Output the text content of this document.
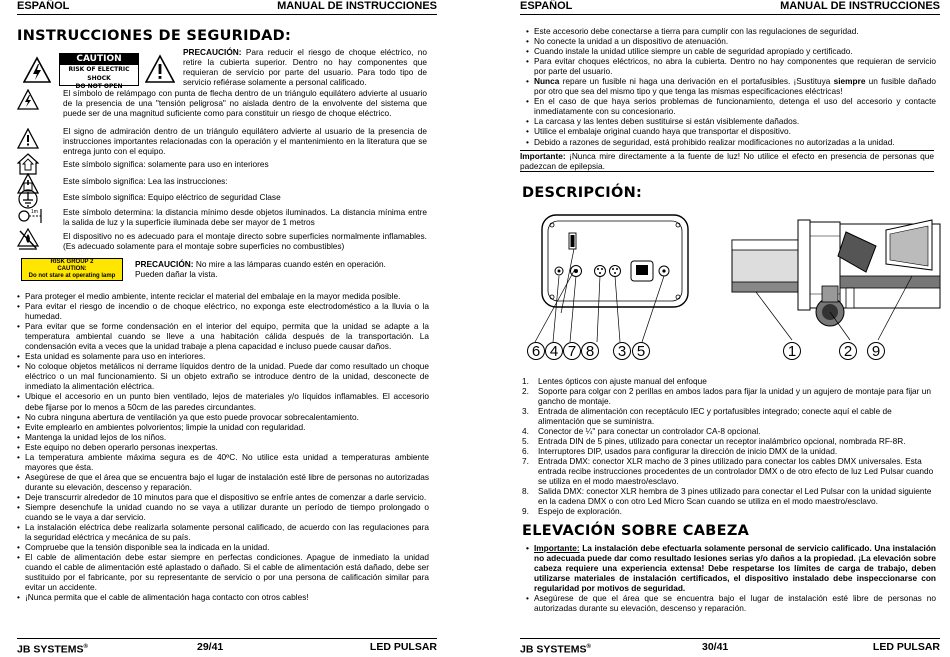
ESPAÑOL	MANUAL DE INSTRUCCIONES
INSTRUCCIONES DE SEGURIDAD:
CAUTION
RISK OF ELECTRIC SHOCK
DO NOT OPEN
PRECAUCIÓN: Para reducir el riesgo de choque eléctrico, no retire la cubierta superior. Dentro no hay componentes que requieran de servicio por parte del usuario. Para todo tipo de servicio refiérase solamente a personal calificado.
El símbolo de relámpago con punta de flecha dentro de un triángulo equilátero advierte al usuario de la presencia de una "tensión peligrosa" no aislada dentro de la envolvente del sistema que puede ser de una magnitud suficiente como para constituir un riesgo de choque eléctrico.
El signo de admiración dentro de un triángulo equilátero advierte al usuario de la presencia de instrucciones importantes relacionadas con la operación y el mantenimiento en la literatura que se entrega junto con el equipo.
Este símbolo significa: solamente para uso en interiores
Este símbolo significa: Lea las instrucciones:
Este símbolo significa: Equipo eléctrico de seguridad Clase
1m	Este símbolo determina: la distancia mínimo desde objetos iluminados. La distancia mínima entre la salida de luz y la superficie iluminada debe ser mayor de 1 metros
El dispositivo no es adecuado para el montaje directo sobre superficies normalmente inflamables. (Es adecuado solamente para el montaje sobre superficies no combustibles)
RISK GROUP 2
CAUTION:
Do not stare at operating lamp
PRECAUCIÓN: No mire a las lámparas cuando estén en operación.
Pueden dañar la vista.
• Para proteger el medio ambiente, intente reciclar el material del embalaje en la mayor medida posible.
• Para evitar el riesgo de incendio o de choque eléctrico, no exponga este electrodoméstico a la lluvia o la humedad.
• Para evitar que se forme condensación en el interior del equipo, permita que la unidad se adapte a la temperatura ambiental cuando se lleve a una habitación cálida después de la transportación. La condensación evita a veces que la unidad trabaje a plena capacidad e incluso puede causar daños.
• Esta unidad es solamente para uso en interiores.
• No coloque objetos metálicos ni derrame líquidos dentro de la unidad. Puede dar como resultado un choque eléctrico o un mal funcionamiento. Si un objeto extraño se introduce dentro de la unidad, desconecte de inmediato la alimentación eléctrica.
• Ubique el accesorio en un punto bien ventilado, lejos de materiales y/o líquidos inflamables. El accesorio debe fijarse por lo menos a 50cm de las paredes circundantes.
• No cubra ninguna abertura de ventilación ya que esto puede provocar sobrecalentamiento.
• Evite emplearlo en ambientes polvorientos; limpie la unidad con regularidad.
• Mantenga la unidad lejos de los niños.
• Este equipo no deben operarlo personas inexpertas.
• La temperatura ambiente máxima segura es de 40ºC. No utilice esta unidad a temperaturas ambiente mayores que ésta.
• Asegúrese de que el área que se encuentra bajo el lugar de instalación esté libre de personas no autorizadas durante su elevación, descenso y reparación.
• Deje transcurrir alrededor de 10 minutos para que el dispositivo se enfríe antes de comenzar a darle servicio.
• Siempre desenchufe la unidad cuando no se vaya a utilizar durante un período de tiempo prolongado o cuando se le vaya a dar servicio.
• La instalación eléctrica debe realizarla solamente personal calificado, de acuerdo con las regulaciones para la seguridad eléctrica y mecánica de su país.
• Compruebe que la tensión disponible sea la indicada en la unidad.
• El cable de alimentación debe estar siempre en perfectas condiciones. Apague de inmediato la unidad cuando el cable de alimentación esté aplastado o dañado. Si el cable de alimentación está dañado, debe ser sustituido por el fabricante, por su representante de servicio o por una persona de calificación similar para evitar un accidente.
• ¡Nunca permita que el cable de alimentación haga contacto con otros cables!
JB SYSTEMS®	29/41	LED PULSAR
ESPAÑOL	MANUAL DE INSTRUCCIONES
• Este accesorio debe conectarse a tierra para cumplir con las regulaciones de seguridad.
• No conecte la unidad a un dispositivo de atenuación.
• Cuando instale la unidad utilice siempre un cable de seguridad apropiado y certificado.
• Para evitar choques eléctricos, no abra la cubierta. Dentro no hay componentes que requieran de servicio por parte del usuario.
• Nunca repare un fusible ni haga una derivación en el portafusibles. ¡Sustituya siempre un fusible dañado por otro que sea del mismo tipo y que tenga las mismas especificaciones eléctricas!
• En el caso de que haya serios problemas de funcionamiento, detenga el uso del accesorio y contacte inmediatamente con su concesionario.
• La carcasa y las lentes deben sustituirse si están visiblemente dañados.
• Utilice el embalaje original cuando haya que transportar el dispositivo.
• Debido a razones de seguridad, está prohibido realizar modificaciones no autorizadas a la unidad.
Importante: ¡Nunca mire directamente a la fuente de luz! No utilice el efecto en presencia de personas que padezcan de epilepsia.
DESCRIPCIÓN:
6 4 7 8	3 5	1	2	9
1. Lentes ópticos con ajuste manual del enfoque
2. Soporte para colgar con 2 perillas en ambos lados para fijar la unidad y un agujero de montaje para fijar un gancho de montaje.
3. Entrada de alimentación con receptáculo IEC y portafusibles integrado; conecte aquí el cable de alimentación que se suministra.
4. Conector de ¼" para conectar un controlador CA-8 opcional.
5. Entrada DIN de 5 pines, utilizado para conectar un receptor inalámbrico opcional, nombrada RF-8R.
6. Interruptores DIP, usados para configurar la dirección de inicio DMX de la unidad.
7. Entrada DMX: conector XLR macho de 3 pines utilizado para conectar los cables DMX universales. Esta entrada recibe instrucciones procedentes de un controlador DMX o de otro efecto de luz Led Pulsar cuando se utiliza en el modo maestro/esclavo.
8. Salida DMX: conector XLR hembra de 3 pines utilizado para conectar el Led Pulsar con la unidad siguiente en la cadena DMX o con otro Led Micro Scan cuando se utiliza en el modo maestro/esclavo.
9. Espejo de exploración.
ELEVACIÓN SOBRE CABEZA
• Importante: La instalación debe efectuarla solamente personal de servicio calificado. Una instalación no adecuada puede dar como resultado lesiones serias y/o daños a la propiedad. ¡La elevación sobre cabeza requiere una experiencia extensa! Debe respetarse los límites de carga de trabajo, deben utilizarse materiales de instalación certificados, el dispositivo instalado debe inspeccionarse con regularidad por motivos de seguridad.
• Asegúrese de que el área que se encuentra bajo el lugar de instalación esté libre de personas no autorizadas durante su elevación, descenso y reparación.
JB SYSTEMS®	30/41	LED PULSAR
